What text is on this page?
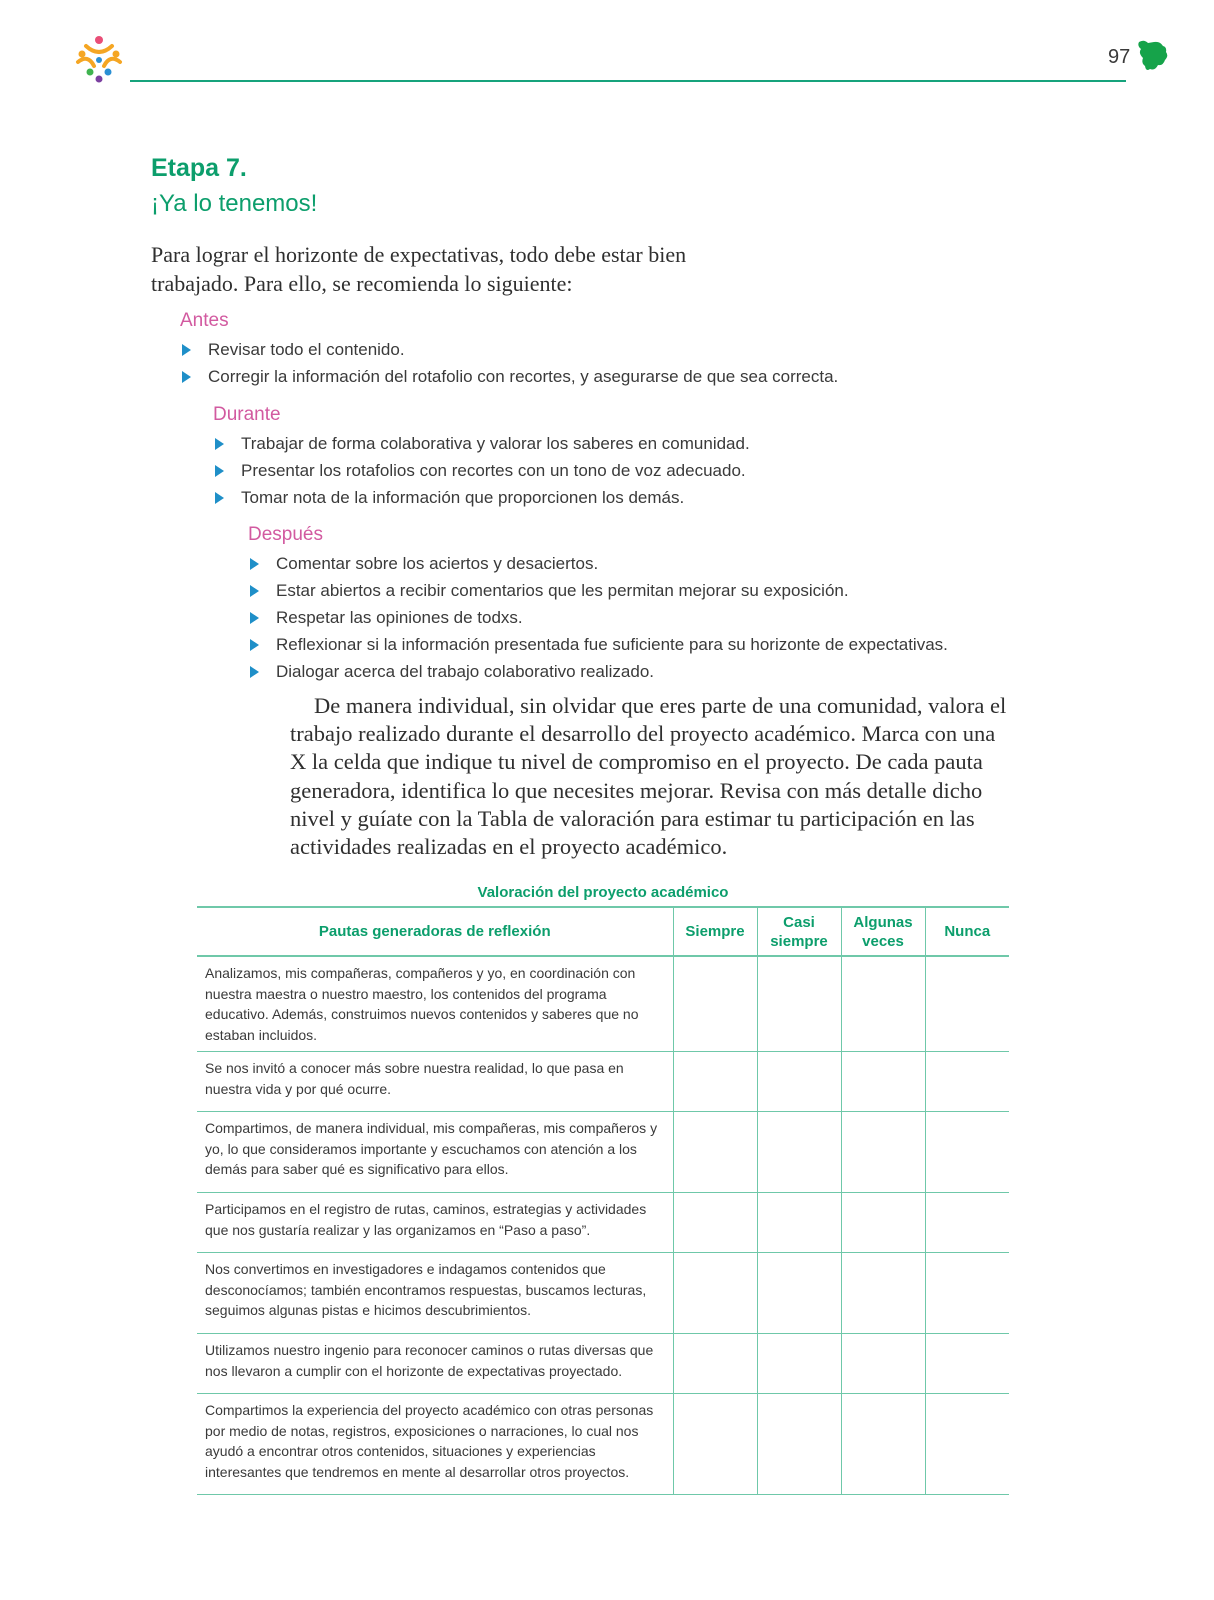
97
Etapa 7.
¡Ya lo tenemos!
Para lograr el horizonte de expectativas, todo debe estar bien trabajado. Para ello, se recomienda lo siguiente:
Antes
Revisar todo el contenido.
Corregir la información del rotafolio con recortes, y asegurarse de que sea correcta.
Durante
Trabajar de forma colaborativa y valorar los saberes en comunidad.
Presentar los rotafolios con recortes con un tono de voz adecuado.
Tomar nota de la información que proporcionen los demás.
Después
Comentar sobre los aciertos y desaciertos.
Estar abiertos a recibir comentarios que les permitan mejorar su exposición.
Respetar las opiniones de todxs.
Reflexionar si la información presentada fue suficiente para su horizonte de expectativas.
Dialogar acerca del trabajo colaborativo realizado.
De manera individual, sin olvidar que eres parte de una comunidad, valora el trabajo realizado durante el desarrollo del proyecto académico. Marca con una X la celda que indique tu nivel de compromiso en el proyecto. De cada pauta generadora, identifica lo que necesites mejorar. Revisa con más detalle dicho nivel y guíate con la Tabla de valoración para estimar tu participación en las actividades realizadas en el proyecto académico.
Valoración del proyecto académico
Pautas generadoras de reflexión	Siempre	Casi siempre	Algunas veces	Nunca
Analizamos, mis compañeras, compañeros y yo, en coordinación con nuestra maestra o nuestro maestro, los contenidos del programa educativo. Además, construimos nuevos contenidos y saberes que no estaban incluidos.				
Se nos invitó a conocer más sobre nuestra realidad, lo que pasa en nuestra vida y por qué ocurre.				
Compartimos, de manera individual, mis compañeras, mis compañeros y yo, lo que consideramos importante y escuchamos con atención a los demás para saber qué es significativo para ellos.				
Participamos en el registro de rutas, caminos, estrategias y actividades que nos gustaría realizar y las organizamos en “Paso a paso”.				
Nos convertimos en investigadores e indagamos contenidos que desconocíamos; también encontramos respuestas, buscamos lecturas, seguimos algunas pistas e hicimos descubrimientos.				
Utilizamos nuestro ingenio para reconocer caminos o rutas diversas que nos llevaron a cumplir con el horizonte de expectativas proyectado.				
Compartimos la experiencia del proyecto académico con otras personas por medio de notas, registros, exposiciones o narraciones, lo cual nos ayudó a encontrar otros contenidos, situaciones y experiencias interesantes que tendremos en mente al desarrollar otros proyectos.				
